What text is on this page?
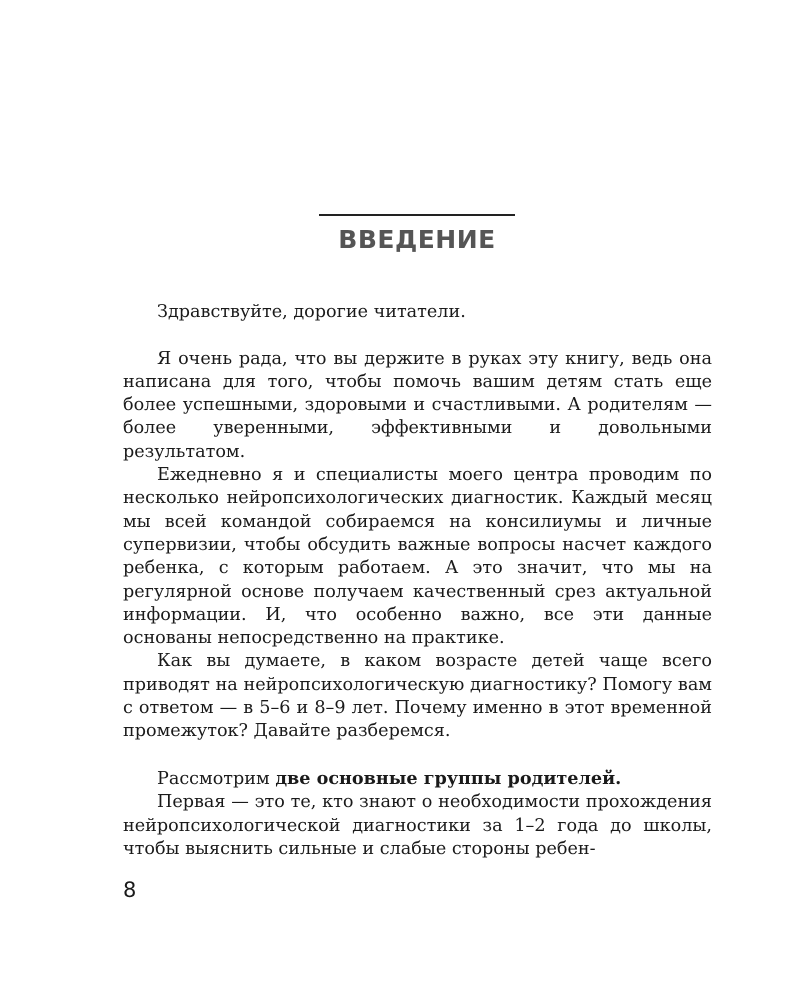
ВВЕДЕНИЕ

Здравствуйте, дорогие читатели.

Я очень рада, что вы держите в руках эту книгу, ведь она написана для того, чтобы помочь вашим детям стать еще более успешными, здоровыми и счастливыми. А родителям — более уверенными, эффективными и довольными результатом.

Ежедневно я и специалисты моего центра проводим по несколько нейропсихологических диагностик. Каждый месяц мы всей командой собираемся на консилиумы и личные супервизии, чтобы обсудить важные вопросы насчет каждого ребенка, с которым работаем. А это значит, что мы на регулярной основе получаем качественный срез актуальной информации. И, что особенно важно, все эти данные основаны непосредственно на практике.

Как вы думаете, в каком возрасте детей чаще всего приводят на нейропсихологическую диагностику? Помогу вам с ответом — в 5–6 и 8–9 лет. Почему именно в этот временной промежуток? Давайте разберемся.

Рассмотрим две основные группы родителей.

Первая — это те, кто знают о необходимости прохождения нейропсихологической диагностики за 1–2 года до школы, чтобы выяснить сильные и слабые стороны ребен-

8
